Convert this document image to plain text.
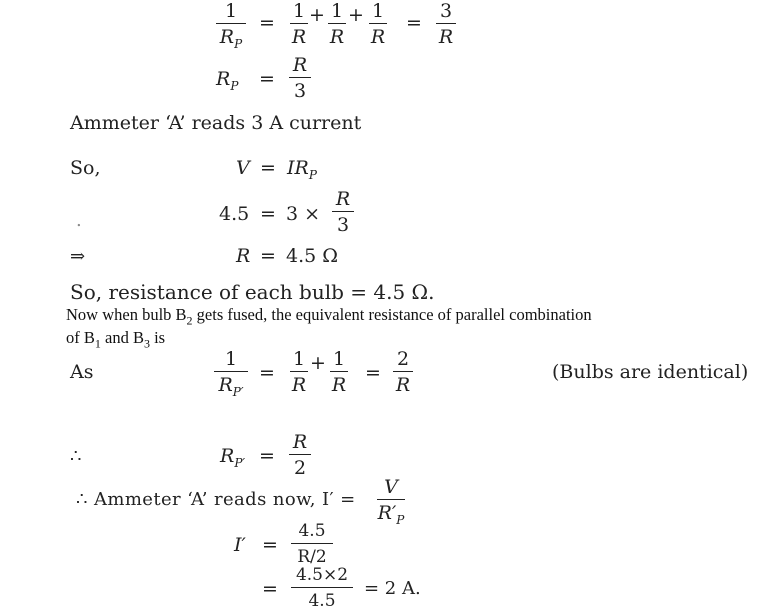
1
$R_P$
=
1
R
+ 1
R
+ 1
R
=
3
R
$R_P$ =
R
3
Ammeter ‘A’ reads 3 A current
So,	$V = IR_P$
.	4.5 = 3 ×
R
3
⇒	R = 4.5 Ω
So, resistance of each bulb = 4.5 Ω.
Now when bulb $B_2$ gets fused, the equivalent resistance of parallel combination
of $B_1$ and $B_3$ is
As
1
$R_{P'}$
=
1
R
+ 1
R
=
2
R
(Bulbs are identical)
∴	$R_{P'}$ =
R
2
∴ Ammeter ‘A’ reads now, I′ =
V
$R'_P$
I′ =
4.5
R/2
=
4.5×2
4.5
= 2 A.
